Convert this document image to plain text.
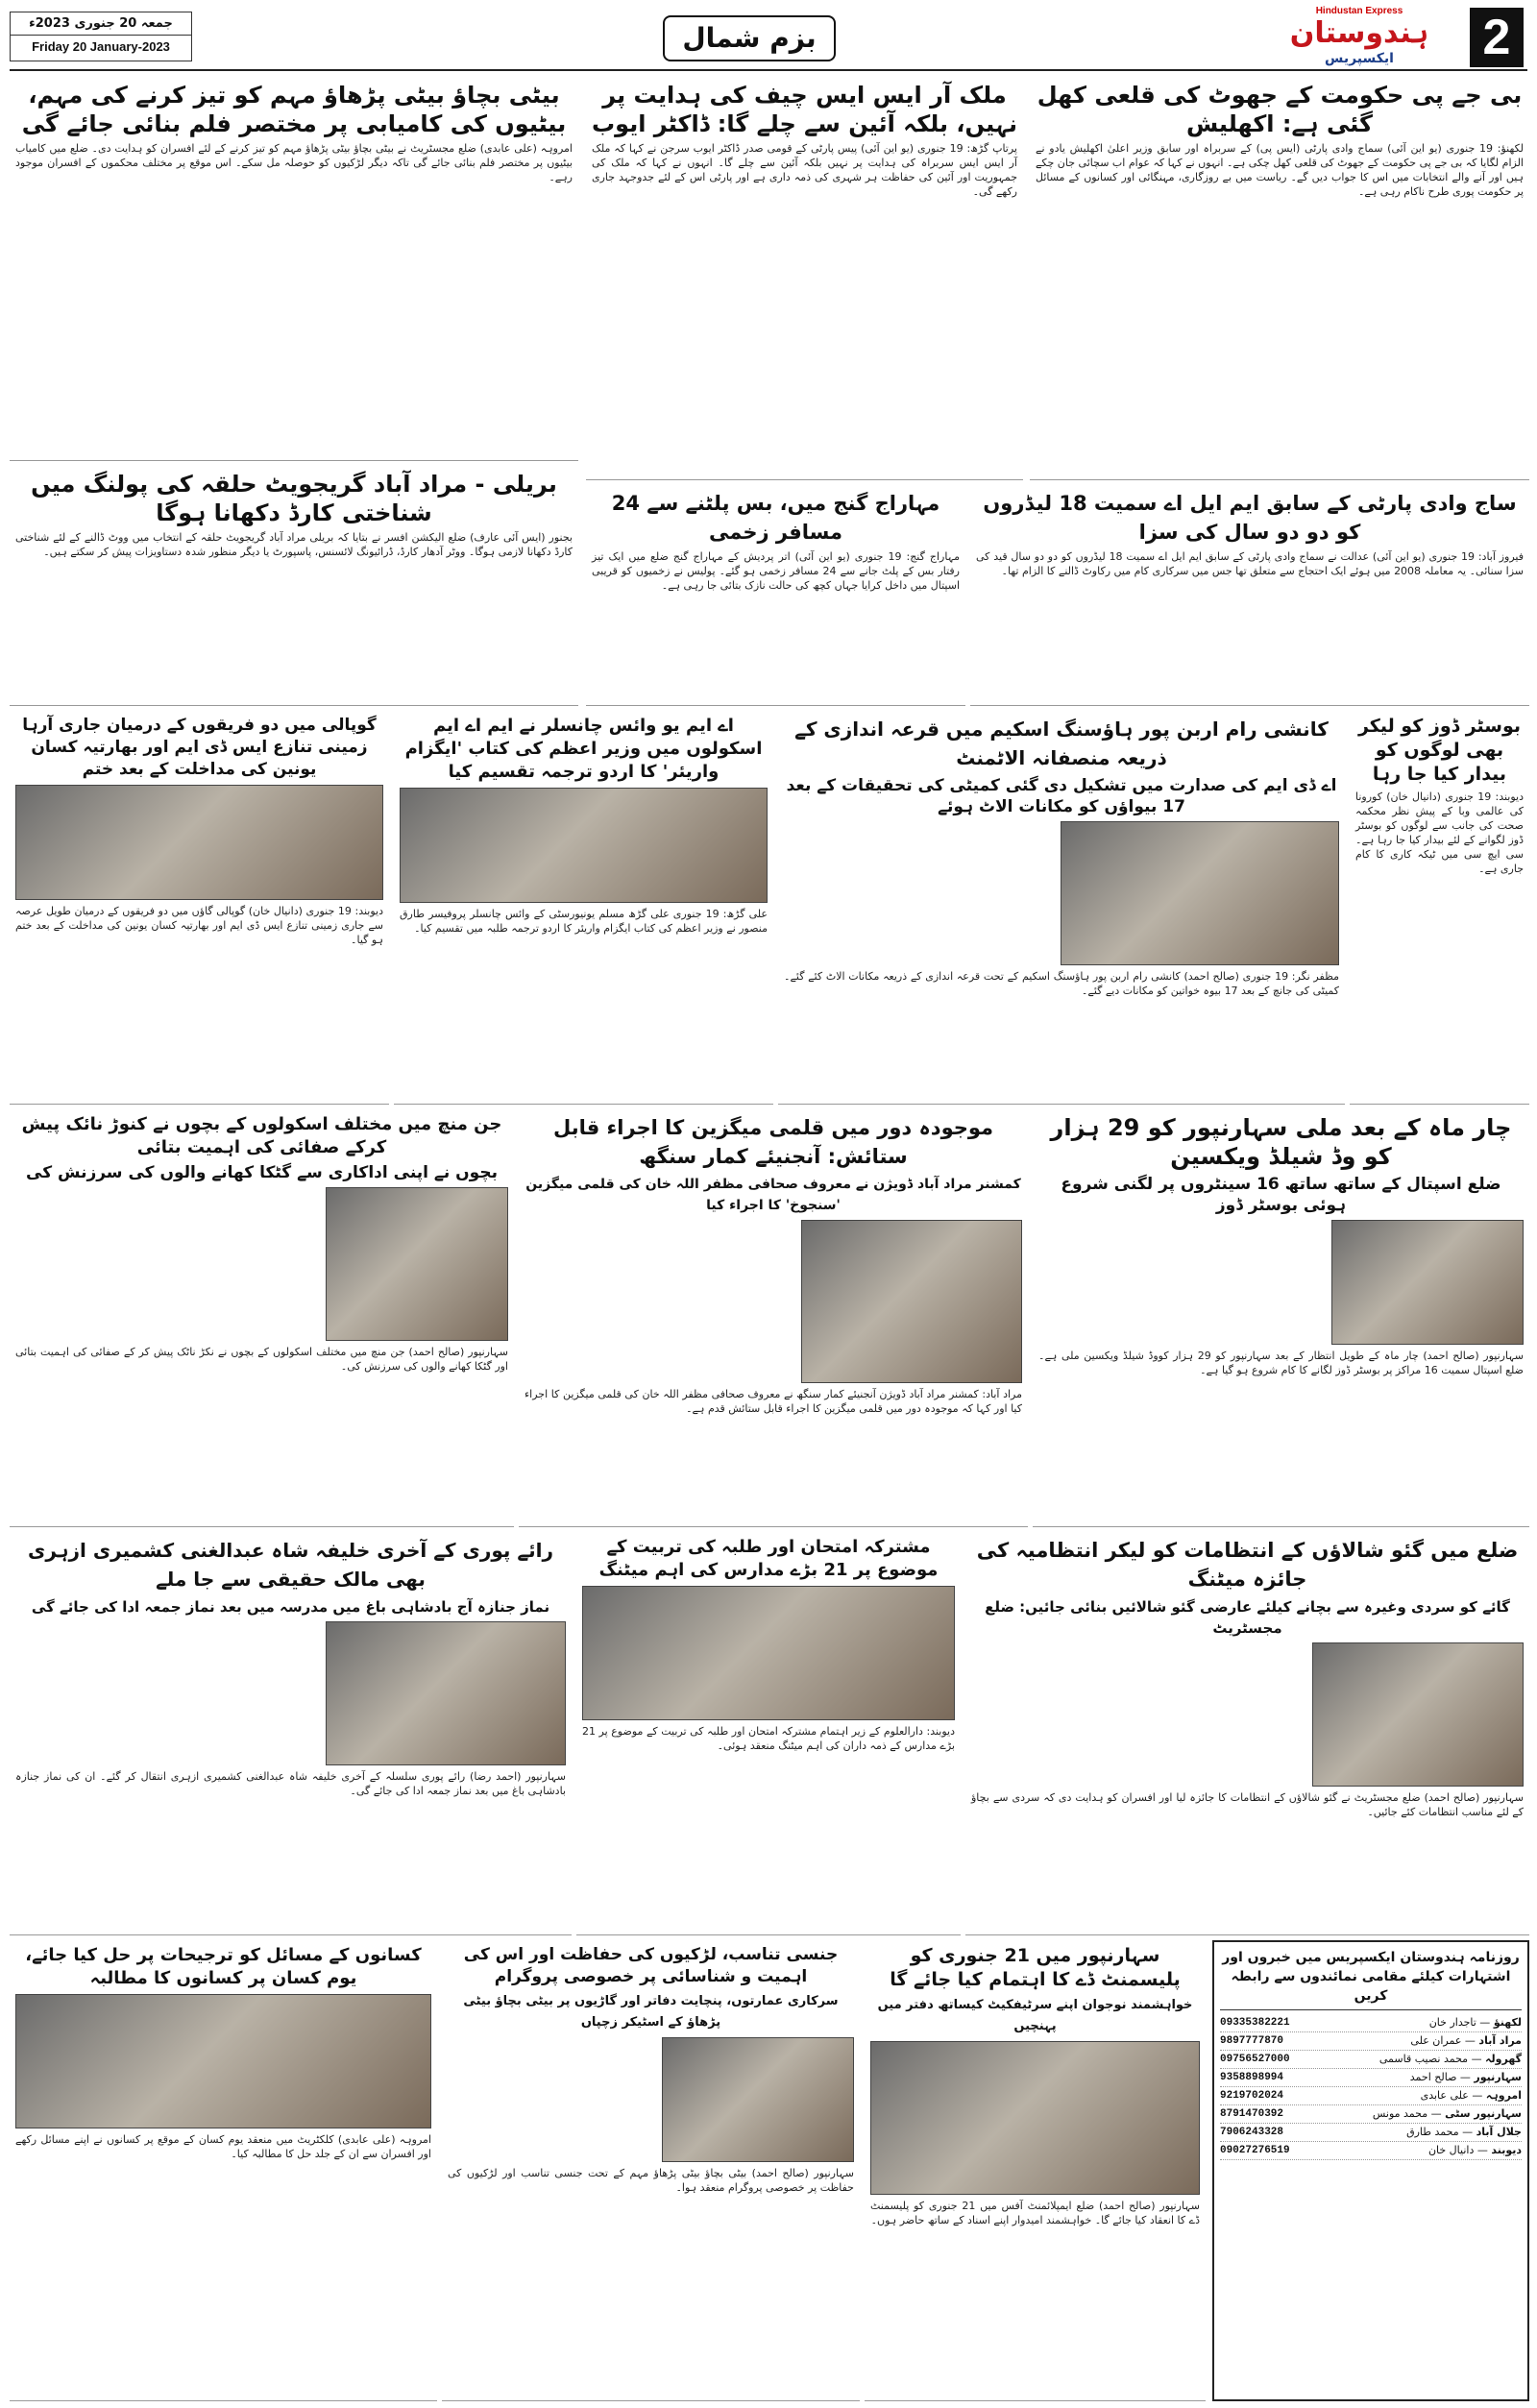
جمعہ 20 جنوری 2023ء
Friday 20 January-2023	بزم شمال
Hindustan Express
ہندوستان
ایکسپریس	2
بی جے پی حکومت کے جھوٹ کی قلعی کھل گئی ہے: اکھلیش
لکھنؤ: 19 جنوری (یو این آئی) سماج وادی پارٹی (ایس پی) کے سربراہ اور سابق وزیر اعلیٰ اکھلیش یادو نے الزام لگایا کہ بی جے پی حکومت کے جھوٹ کی قلعی کھل چکی ہے۔ انہوں نے کہا کہ عوام اب سچائی جان چکے ہیں اور آنے والے انتخابات میں اس کا جواب دیں گے۔ ریاست میں بے روزگاری، مہنگائی اور کسانوں کے مسائل پر حکومت پوری طرح ناکام رہی ہے۔
ملک آر ایس ایس چیف کی ہدایت پر نہیں، بلکہ آئین سے چلے گا: ڈاکٹر ایوب
پرتاپ گڑھ: 19 جنوری (یو این آئی) پیس پارٹی کے قومی صدر ڈاکٹر ایوب سرجن نے کہا کہ ملک آر ایس ایس سربراہ کی ہدایت پر نہیں بلکہ آئین سے چلے گا۔ انہوں نے کہا کہ ملک کی جمہوریت اور آئین کی حفاظت ہر شہری کی ذمہ داری ہے اور پارٹی اس کے لئے جدوجہد جاری رکھے گی۔
بیٹی بچاؤ بیٹی پڑھاؤ مہم کو تیز کرنے کی مہم، بیٹیوں کی کامیابی پر مختصر فلم بنائی جائے گی
امروہہ (علی عابدی) ضلع مجسٹریٹ نے بیٹی بچاؤ بیٹی پڑھاؤ مہم کو تیز کرنے کے لئے افسران کو ہدایت دی۔ ضلع میں کامیاب بیٹیوں پر مختصر فلم بنائی جائے گی تاکہ دیگر لڑکیوں کو حوصلہ مل سکے۔ اس موقع پر مختلف محکموں کے افسران موجود رہے۔
ساج وادی پارٹی کے سابق ایم ایل اے سمیت 18 لیڈروں کو دو دو سال کی سزا
فیروز آباد: 19 جنوری (یو این آئی) عدالت نے سماج وادی پارٹی کے سابق ایم ایل اے سمیت 18 لیڈروں کو دو دو سال قید کی سزا سنائی۔ یہ معاملہ 2008 میں ہوئے ایک احتجاج سے متعلق تھا جس میں سرکاری کام میں رکاوٹ ڈالنے کا الزام تھا۔
مہاراج گنج میں، بس پلٹنے سے 24 مسافر زخمی
مہاراج گنج: 19 جنوری (یو این آئی) اتر پردیش کے مہاراج گنج ضلع میں ایک تیز رفتار بس کے پلٹ جانے سے 24 مسافر زخمی ہو گئے۔ پولیس نے زخمیوں کو قریبی اسپتال میں داخل کرایا جہاں کچھ کی حالت نازک بتائی جا رہی ہے۔
بریلی - مراد آباد گریجویٹ حلقہ کی پولنگ میں شناختی کارڈ دکھانا ہوگا
بجنور (ایس آئی عارف) ضلع الیکشن افسر نے بتایا کہ بریلی مراد آباد گریجویٹ حلقہ کے انتخاب میں ووٹ ڈالنے کے لئے شناختی کارڈ دکھانا لازمی ہوگا۔ ووٹر آدھار کارڈ، ڈرائیونگ لائسنس، پاسپورٹ یا دیگر منظور شدہ دستاویزات پیش کر سکتے ہیں۔
بوسٹر ڈوز کو لیکر بھی لوگوں کو بیدار کیا جا رہا
دیوبند: 19 جنوری (دانیال خان) کورونا کی عالمی وبا کے پیش نظر محکمہ صحت کی جانب سے لوگوں کو بوسٹر ڈوز لگوانے کے لئے بیدار کیا جا رہا ہے۔ سی ایچ سی میں ٹیکہ کاری کا کام جاری ہے۔
کانشی رام اربن پور ہاؤسنگ اسکیم میں قرعہ اندازی کے ذریعہ منصفانہ الاٹمنٹ
اے ڈی ایم کی صدارت میں تشکیل دی گئی کمیٹی کی تحقیقات کے بعد 17 بیواؤں کو مکانات الاٹ ہوئے
مظفر نگر: 19 جنوری (صالح احمد) کانشی رام اربن پور ہاؤسنگ اسکیم کے تحت قرعہ اندازی کے ذریعہ مکانات الاٹ کئے گئے۔ کمیٹی کی جانچ کے بعد 17 بیوہ خواتین کو مکانات دیے گئے۔
اے ایم یو وائس چانسلر نے ایم اے ایم اسکولوں میں وزیر اعظم کی کتاب 'ایگزام واریئر' کا اردو ترجمہ تقسیم کیا
علی گڑھ: 19 جنوری علی گڑھ مسلم یونیورسٹی کے وائس چانسلر پروفیسر طارق منصور نے وزیر اعظم کی کتاب ایگزام واریئر کا اردو ترجمہ طلبہ میں تقسیم کیا۔
گوپالی میں دو فریقوں کے درمیان جاری آرہا زمینی تنازع ایس ڈی ایم اور بھارتیہ کسان یونین کی مداخلت کے بعد ختم
دیوبند: 19 جنوری (دانیال خان) گوپالی گاؤں میں دو فریقوں کے درمیان طویل عرصہ سے جاری زمینی تنازع ایس ڈی ایم اور بھارتیہ کسان یونین کی مداخلت کے بعد ختم ہو گیا۔
چار ماہ کے بعد ملی سہارنپور کو 29 ہزار کو وڈ شیلڈ ویکسین
ضلع اسپتال کے ساتھ ساتھ 16 سینٹروں پر لگنی شروع ہوئی بوسٹر ڈوز
سہارنپور (صالح احمد) چار ماہ کے طویل انتظار کے بعد سہارنپور کو 29 ہزار کووڈ شیلڈ ویکسین ملی ہے۔ ضلع اسپتال سمیت 16 مراکز پر بوسٹر ڈوز لگانے کا کام شروع ہو گیا ہے۔
موجودہ دور میں قلمی میگزین کا اجراء قابل ستائش: آنجنیئے کمار سنگھ
کمشنر مراد آباد ڈویژن نے معروف صحافی مظفر اللہ خان کی قلمی میگزین 'سنجوخ' کا اجراء کیا
مراد آباد: کمشنر مراد آباد ڈویژن آنجنیئے کمار سنگھ نے معروف صحافی مظفر اللہ خان کی قلمی میگزین کا اجراء کیا اور کہا کہ موجودہ دور میں قلمی میگزین کا اجراء قابل ستائش قدم ہے۔
جن منچ میں مختلف اسکولوں کے بچوں نے کنوڑ نائک پیش کرکے صفائی کی اہمیت بتائی
بچوں نے اپنی اداکاری سے گٹکا کھانے والوں کی سرزنش کی
سہارنپور (صالح احمد) جن منچ میں مختلف اسکولوں کے بچوں نے نکڑ ناٹک پیش کر کے صفائی کی اہمیت بتائی اور گٹکا کھانے والوں کی سرزنش کی۔
ضلع میں گئو شالاؤں کے انتظامات کو لیکر انتظامیہ کی جائزہ میٹنگ
گائے کو سردی وغیرہ سے بچانے کیلئے عارضی گئو شالائیں بنائی جائیں: ضلع مجسٹریٹ
سہارنپور (صالح احمد) ضلع مجسٹریٹ نے گئو شالاؤں کے انتظامات کا جائزہ لیا اور افسران کو ہدایت دی کہ سردی سے بچاؤ کے لئے مناسب انتظامات کئے جائیں۔
مشترکہ امتحان اور طلبہ کی تربیت کے موضوع پر 21 بڑے مدارس کی اہم میٹنگ
دیوبند: دارالعلوم کے زیر اہتمام مشترکہ امتحان اور طلبہ کی تربیت کے موضوع پر 21 بڑے مدارس کے ذمہ داران کی اہم میٹنگ منعقد ہوئی۔
رائے پوری کے آخری خلیفہ شاہ عبدالغنی کشمیری ازہری بھی مالک حقیقی سے جا ملے
نماز جنازہ آج بادشاہی باغ میں مدرسہ میں بعد نماز جمعہ ادا کی جائے گی
سہارنپور (احمد رضا) رائے پوری سلسلہ کے آخری خلیفہ شاہ عبدالغنی کشمیری ازہری انتقال کر گئے۔ ان کی نماز جنازہ بادشاہی باغ میں بعد نماز جمعہ ادا کی جائے گی۔
سہارنپور میں 21 جنوری کو پلیسمنٹ ڈے کا اہتمام کیا جائے گا
خواہشمند نوجوان اپنے سرٹیفکیٹ کیساتھ دفتر میں پہنچیں
سہارنپور (صالح احمد) ضلع ایمپلائمنٹ آفس میں 21 جنوری کو پلیسمنٹ ڈے کا انعقاد کیا جائے گا۔ خواہشمند امیدوار اپنے اسناد کے ساتھ حاضر ہوں۔
جنسی تناسب، لڑکیوں کی حفاظت اور اس کی اہمیت و شناسائی پر خصوصی پروگرام
سرکاری عمارتوں، پنچایت دفاتر اور گاڑیوں پر بیٹی بچاؤ بیٹی پڑھاؤ کے اسٹیکر زچپاں
سہارنپور (صالح احمد) بیٹی بچاؤ بیٹی پڑھاؤ مہم کے تحت جنسی تناسب اور لڑکیوں کی حفاظت پر خصوصی پروگرام منعقد ہوا۔
کسانوں کے مسائل کو ترجیحات پر حل کیا جائے، یوم کسان پر کسانوں کا مطالبہ
امروہہ (علی عابدی) کلکٹریٹ میں منعقد یوم کسان کے موقع پر کسانوں نے اپنے مسائل رکھے اور افسران سے ان کے جلد حل کا مطالبہ کیا۔
روزنامہ ہندوستان ایکسپریس میں خبروں اور اشتہارات کیلئے مقامی نمائندوں سے رابطہ کریں
لکھنؤ — تاجدار خان
09335382221
مراد آباد — عمران علی
9897777870
گھرولہ — محمد نصیب قاسمی
09756527000
سہارنپور — صالح احمد
9358898994
امروہہ — علی عابدی
9219702024
سہارنپور سٹی — محمد مونس
8791470392
جلال آباد — محمد طارق
7906243328
دیوبند — دانیال خان
09027276519
